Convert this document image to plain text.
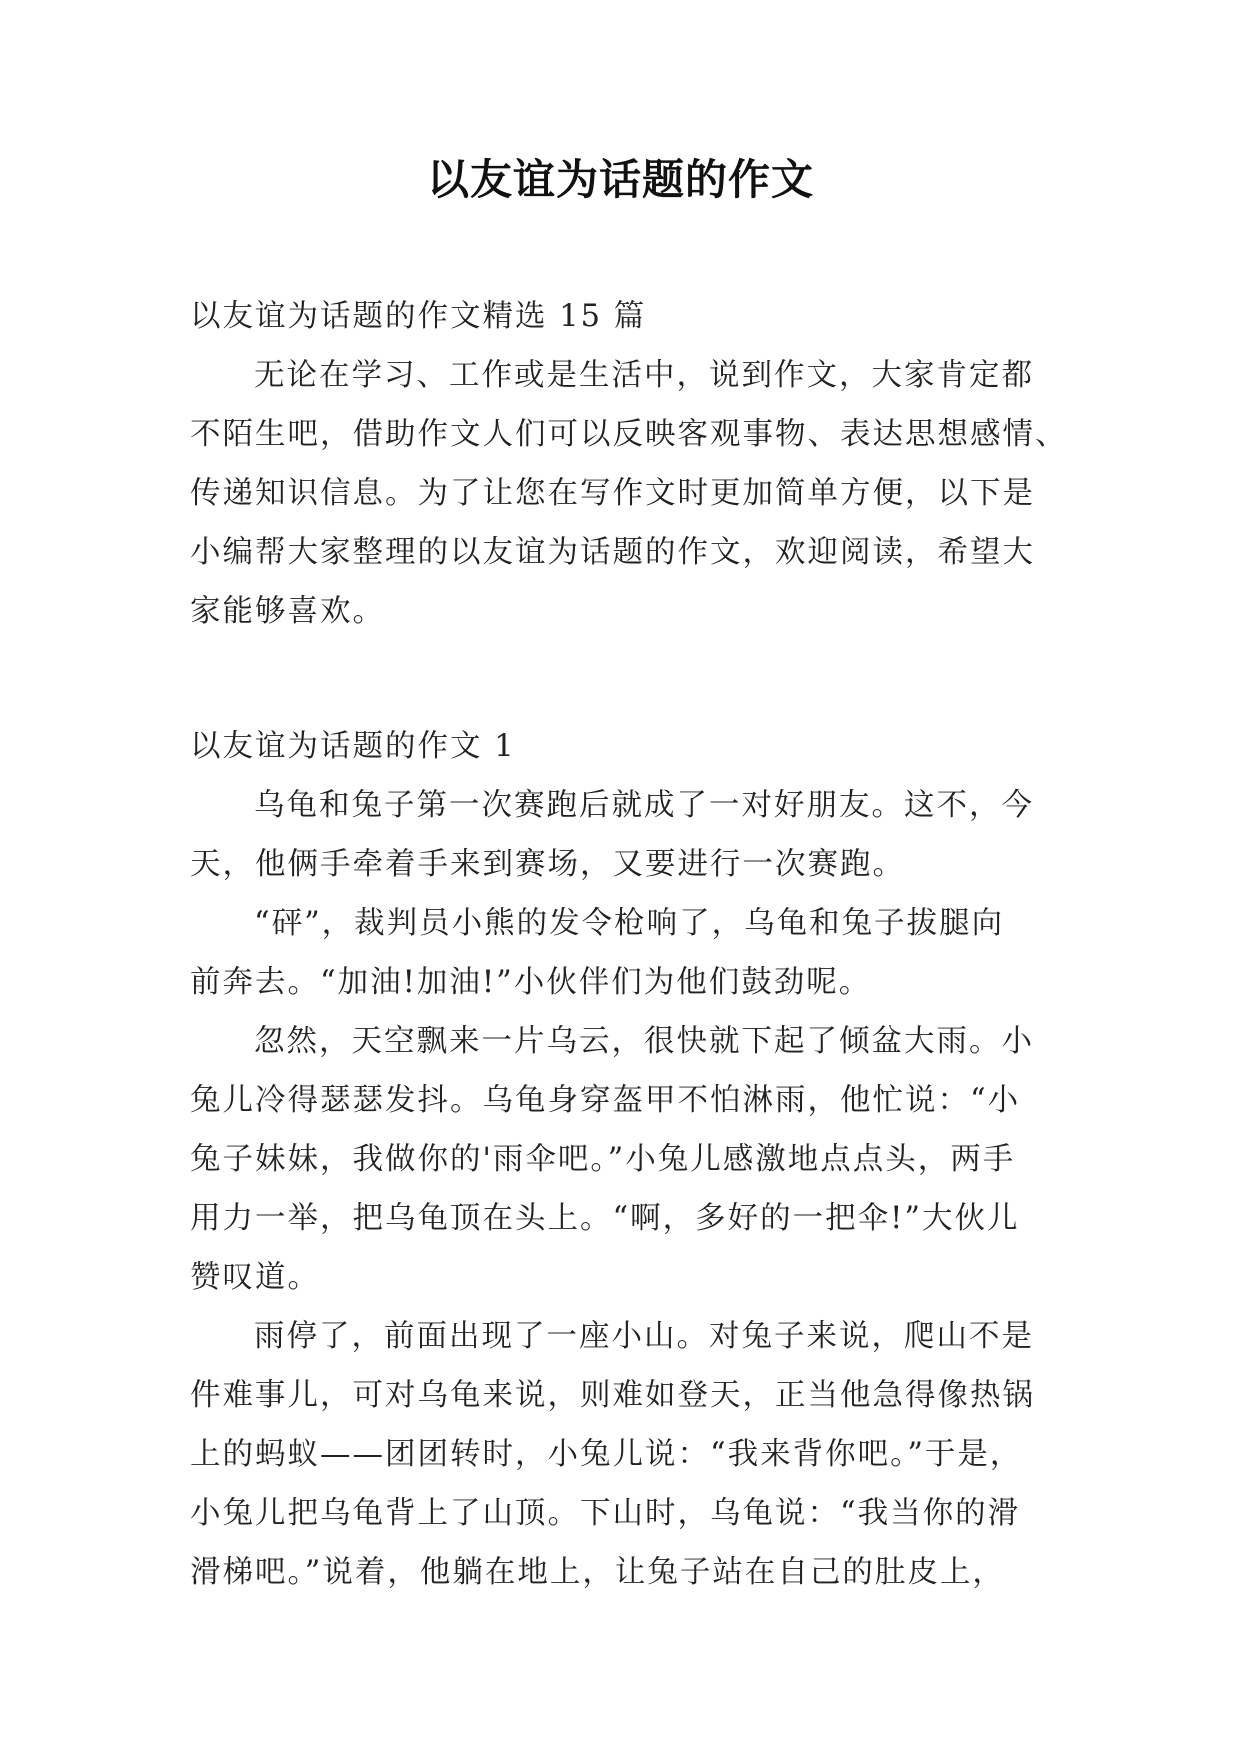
以友谊为话题的作文
以友谊为话题的作文精选 15 篇
无论在学习、工作或是生活中，说到作文，大家肯定都
不陌生吧，借助作文人们可以反映客观事物、表达思想感情、
传递知识信息。为了让您在写作文时更加简单方便，以下是
小编帮大家整理的以友谊为话题的作文，欢迎阅读，希望大
家能够喜欢。
以友谊为话题的作文 1
乌龟和兔子第一次赛跑后就成了一对好朋友。这不，今
天，他俩手牵着手来到赛场，又要进行一次赛跑。
“砰”，裁判员小熊的发令枪响了，乌龟和兔子拔腿向
前奔去。“加油!加油!”小伙伴们为他们鼓劲呢。
忽然，天空飘来一片乌云，很快就下起了倾盆大雨。小
兔儿冷得瑟瑟发抖。乌龟身穿盔甲不怕淋雨，他忙说：“小
兔子妹妹，我做你的'雨伞吧。”小兔儿感激地点点头，两手
用力一举，把乌龟顶在头上。“啊，多好的一把伞!”大伙儿
赞叹道。
雨停了，前面出现了一座小山。对兔子来说，爬山不是
件难事儿，可对乌龟来说，则难如登天，正当他急得像热锅
上的蚂蚁——团团转时，小兔儿说：“我来背你吧。”于是，
小兔儿把乌龟背上了山顶。下山时，乌龟说：“我当你的滑
滑梯吧。”说着，他躺在地上，让兔子站在自己的肚皮上，
